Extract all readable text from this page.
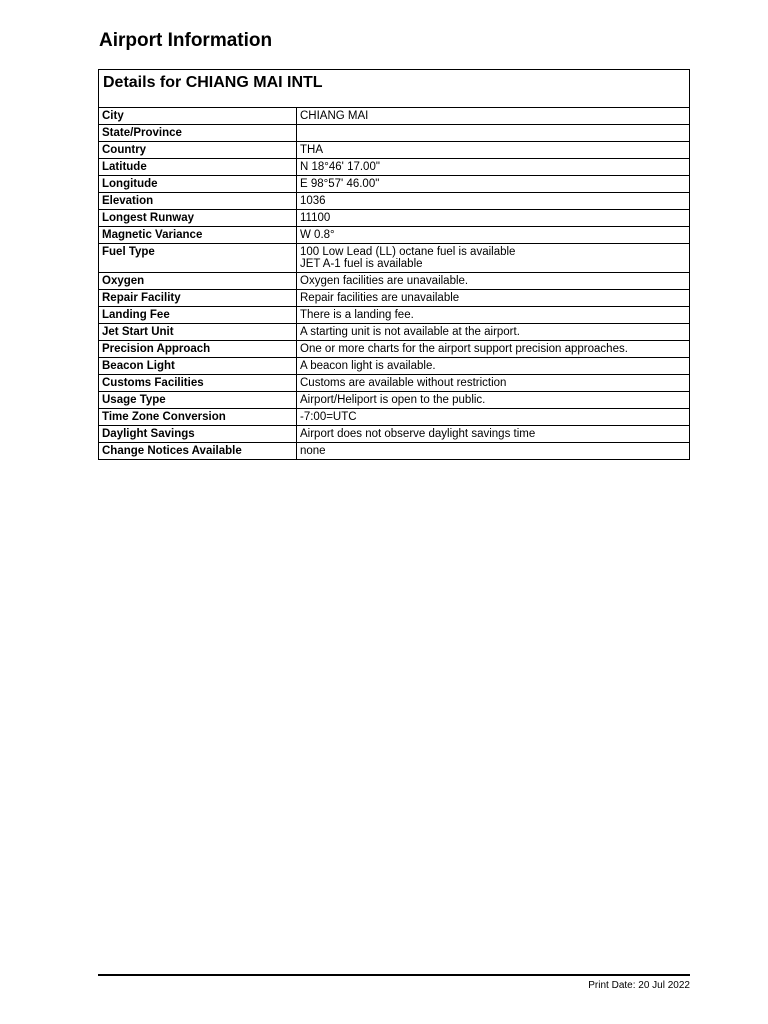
Airport Information
Details for CHIANG MAI INTL
City	CHIANG MAI
State/Province	
Country	THA
Latitude	N 18°46' 17.00"
Longitude	E 98°57' 46.00"
Elevation	1036
Longest Runway	11100
Magnetic Variance	W 0.8°
Fuel Type	100 Low Lead (LL) octane fuel is available
JET A-1 fuel is available
Oxygen	Oxygen facilities are unavailable.
Repair Facility	Repair facilities are unavailable
Landing Fee	There is a landing fee.
Jet Start Unit	A starting unit is not available at the airport.
Precision Approach	One or more charts for the airport support precision approaches.
Beacon Light	A beacon light is available.
Customs Facilities	Customs are available without restriction
Usage Type	Airport/Heliport is open to the public.
Time Zone Conversion	-7:00=UTC
Daylight Savings	Airport does not observe daylight savings time
Change Notices Available	none
Print Date: 20 Jul 2022
